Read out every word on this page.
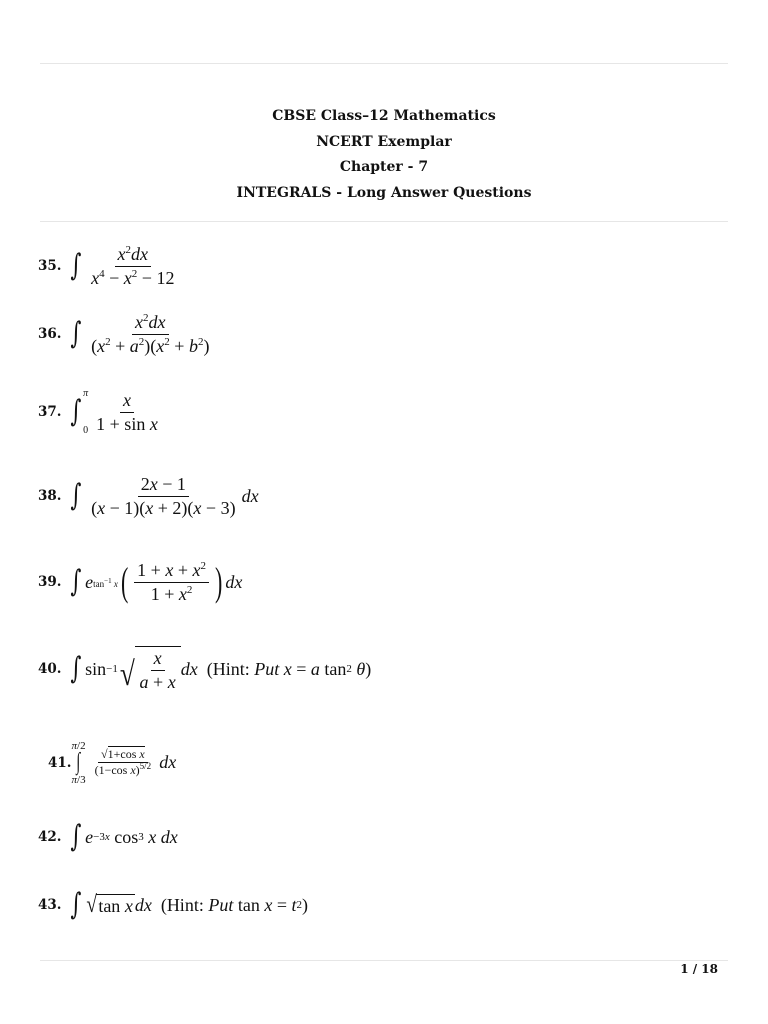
CBSE Class–12 Mathematics
NCERT Exemplar
Chapter - 7
INTEGRALS - Long Answer Questions
35. ∫ $\frac{x^2dx}{x^4 - x^2 - 12}$
36. ∫ $\frac{x^2dx}{(x^2 + a^2)(x^2 + b^2)}$
37. ∫
π
$0 \frac{x}{\text{1 + sin x}}$
38. ∫ $\frac{2x - 1}{(x - 1)(x + 2)(x - 3)}$ dx
39. ∫ e $\tan^{-1} x$ ( $\frac{1 + x + x^2}{1 + x^2}$ ) dx
40. ∫ sin −1 √ $\frac{x}{a + x}$ dx ( Hint:
Put
x = a tan 2
θ )
41.
π/2
∫
π/3
$\frac{\text{√1+cos x}}{(1-\cos x)^{5/2}}$ dx
42. ∫ e −3x cos 3
x dx
43. ∫ √ tan x dx ( Hint:
Put tan x = t 2 )
1 / 18
